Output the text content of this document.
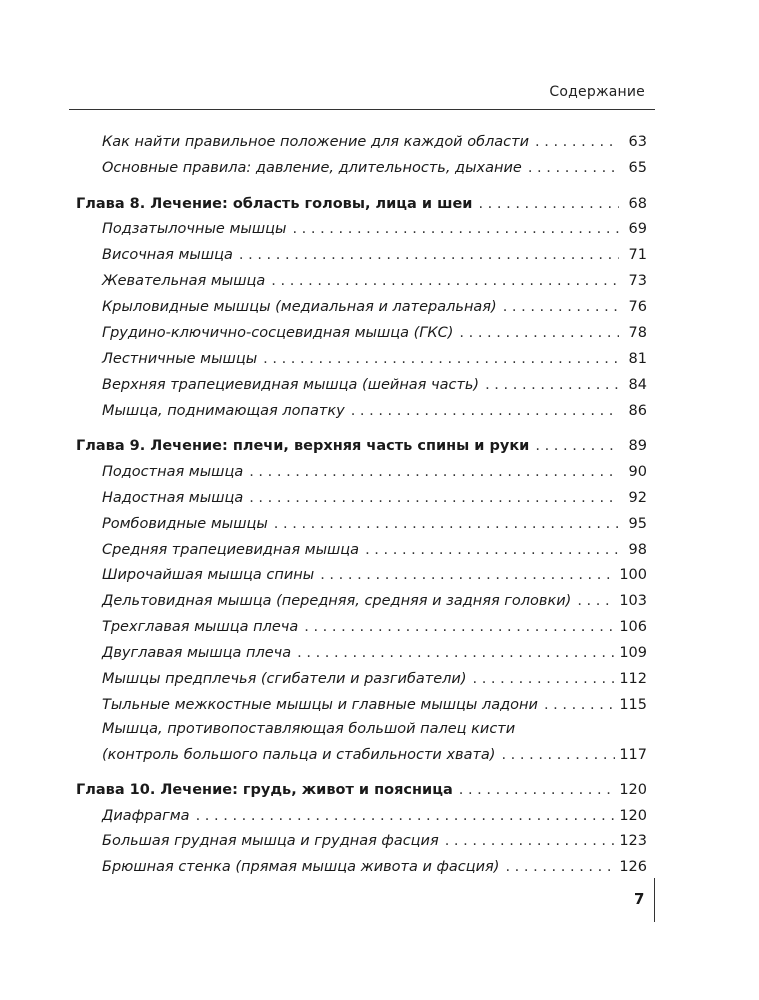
Содержание
Как найти правильное положение для каждой области . . .	63
Основные правила: давление, длительность, дыхание . . .	65
Глава 8. Лечение: область головы, лица и шеи . . .	68
Подзатылочные мышцы . . .	69
Височная мышца . . .	71
Жевательная мышца . . .	73
Крыловидные мышцы (медиальная и латеральная) . . .	76
Грудино-ключично-сосцевидная мышца (ГКС) . . .	78
Лестничные мышцы . . .	81
Верхняя трапециевидная мышца (шейная часть) . . .	84
Мышца, поднимающая лопатку . . .	86
Глава 9. Лечение: плечи, верхняя часть спины и руки . . .	89
Подостная мышца . . .	90
Надостная мышца . . .	92
Ромбовидные мышцы . . .	95
Средняя трапециевидная мышца . . .	98
Широчайшая мышца спины . . .	100
Дельтовидная мышца (передняя, средняя и задняя головки) . . .	103
Трехглавая мышца плеча . . .	106
Двуглавая мышца плеча . . .	109
Мышцы предплечья (сгибатели и разгибатели) . . .	112
Тыльные межкостные мышцы и главные мышцы ладони . . .	115
Мышца, противопоставляющая большой палец кисти
(контроль большого пальца и стабильности хвата) . . .	117
Глава 10. Лечение: грудь, живот и поясница . . .	120
Диафрагма . . .	120
Большая грудная мышца и грудная фасция . . .	123
Брюшная стенка (прямая мышца живота и фасция) . . .	126
7
